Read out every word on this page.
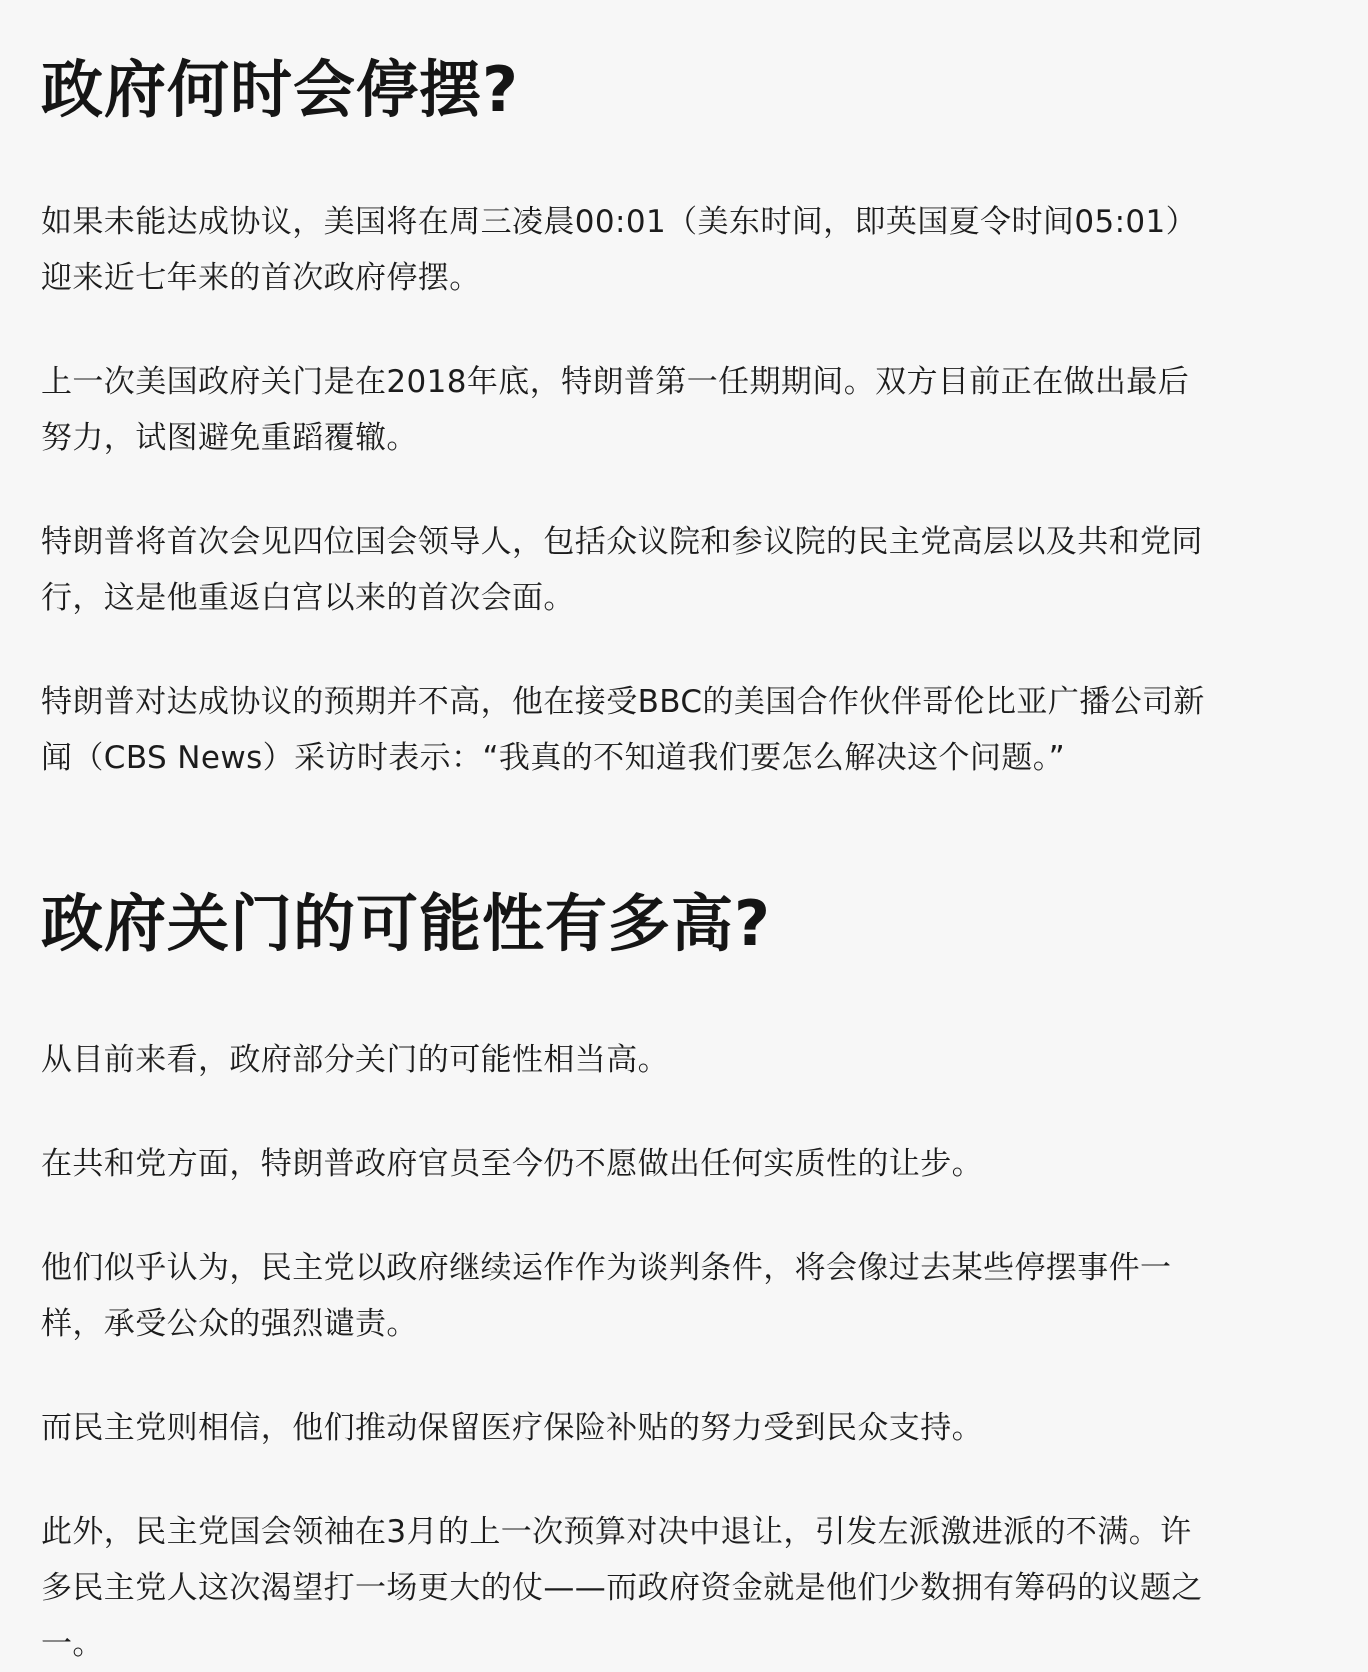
政府何时会停摆?

如果未能达成协议，美国将在周三凌晨00:01（美东时间，即英国夏令时间05:01）迎来近七年来的首次政府停摆。

上一次美国政府关门是在2018年底，特朗普第一任期期间。双方目前正在做出最后努力，试图避免重蹈覆辙。

特朗普将首次会见四位国会领导人，包括众议院和参议院的民主党高层以及共和党同行，这是他重返白宫以来的首次会面。

特朗普对达成协议的预期并不高，他在接受BBC的美国合作伙伴哥伦比亚广播公司新闻（CBS News）采访时表示：“我真的不知道我们要怎么解决这个问题。”

政府关门的可能性有多高?

从目前来看，政府部分关门的可能性相当高。

在共和党方面，特朗普政府官员至今仍不愿做出任何实质性的让步。

他们似乎认为，民主党以政府继续运作作为谈判条件，将会像过去某些停摆事件一样，承受公众的强烈谴责。

而民主党则相信，他们推动保留医疗保险补贴的努力受到民众支持。

此外，民主党国会领袖在3月的上一次预算对决中退让，引发左派激进派的不满。许多民主党人这次渴望打一场更大的仗——而政府资金就是他们少数拥有筹码的议题之一。
